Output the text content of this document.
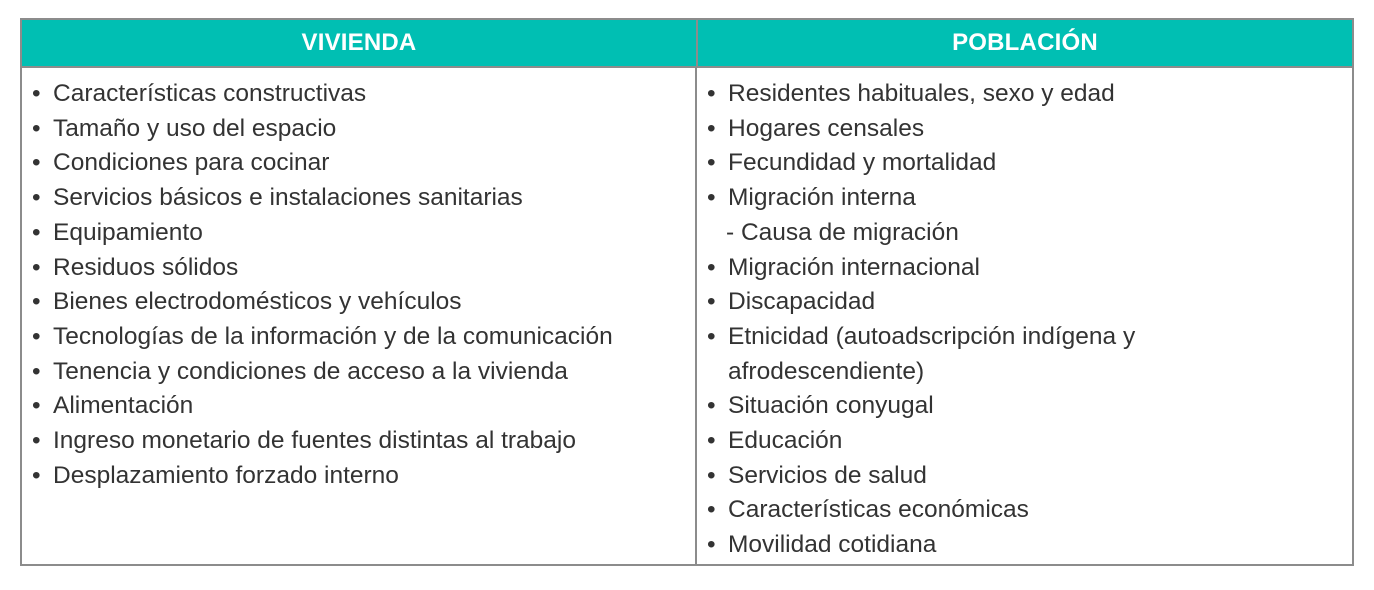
VIVIENDA	POBLACIÓN
• Características constructivas
• Tamaño y uso del espacio
• Condiciones para cocinar
• Servicios básicos e instalaciones sanitarias
• Equipamiento
• Residuos sólidos
• Bienes electrodomésticos y vehículos
• Tecnologías de la información y de la comunicación
• Tenencia y condiciones de acceso a la vivienda
• Alimentación
• Ingreso monetario de fuentes distintas al trabajo
• Desplazamiento forzado interno
• Residentes habituales, sexo y edad
• Hogares censales
• Fecundidad y mortalidad
• Migración interna
- Causa de migración
• Migración internacional
• Discapacidad
• Etnicidad (autoadscripción indígena y
afrodescendiente)
• Situación conyugal
• Educación
• Servicios de salud
• Características económicas
• Movilidad cotidiana
